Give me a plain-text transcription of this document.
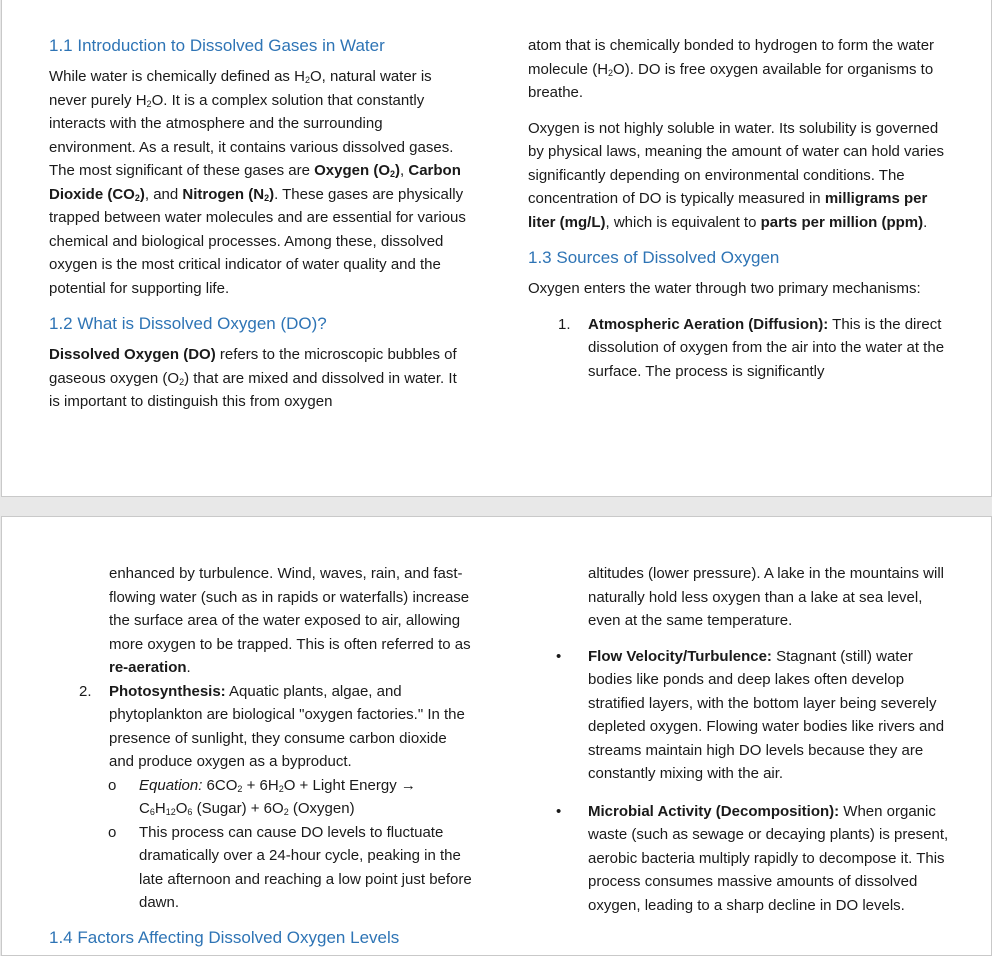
1.1 Introduction to Dissolved Gases in Water

While water is chemically defined as $H_2O$, natural water is never purely $H_2O$. It is a complex solution that constantly interacts with the atmosphere and the surrounding environment. As a result, it contains various dissolved gases. The most significant of these gases are Oxygen $(O_2)$, Carbon Dioxide $(CO_2)$, and Nitrogen $(N_2)$. These gases are physically trapped between water molecules and are essential for various chemical and biological processes. Among these, dissolved oxygen is the most critical indicator of water quality and the potential for supporting life.

1.2 What is Dissolved Oxygen (DO)?

Dissolved Oxygen (DO) refers to the microscopic bubbles of gaseous oxygen $(O_2)$ that are mixed and dissolved in water. It is important to distinguish this from oxygen

atom that is chemically bonded to hydrogen to form the water molecule $(H_2O)$. DO is free oxygen available for organisms to breathe.

Oxygen is not highly soluble in water. Its solubility is governed by physical laws, meaning the amount of water can hold varies significantly depending on environmental conditions. The concentration of DO is typically measured in milligrams per liter (mg/L), which is equivalent to parts per million (ppm).

1.3 Sources of Dissolved Oxygen

Oxygen enters the water through two primary mechanisms:

1. Atmospheric Aeration (Diffusion): This is the direct dissolution of oxygen from the air into the water at the surface. The process is significantly
enhanced by turbulence. Wind, waves, rain, and fast-flowing water (such as in rapids or waterfalls) increase the surface area of the water exposed to air, allowing more oxygen to be trapped. This is often referred to as re-aeration.
2. Photosynthesis: Aquatic plants, algae, and phytoplankton are biological "oxygen factories." In the presence of sunlight, they consume carbon dioxide and produce oxygen as a byproduct.
o Equation: $6CO_2 + 6H_2O$ + Light Energy →
$C_6H_{12}O_6$ (Sugar) + $6O_2$ (Oxygen)
o This process can cause DO levels to fluctuate dramatically over a 24-hour cycle, peaking in the late afternoon and reaching a low point just before dawn.
1.4 Factors Affecting Dissolved Oxygen Levels

altitudes (lower pressure). A lake in the mountains will naturally hold less oxygen than a lake at sea level, even at the same temperature.

• Flow Velocity/Turbulence: Stagnant (still) water bodies like ponds and deep lakes often develop stratified layers, with the bottom layer being severely depleted oxygen. Flowing water bodies like rivers and streams maintain high DO levels because they are constantly mixing with the air.
• Microbial Activity (Decomposition): When organic waste (such as sewage or decaying plants) is present, aerobic bacteria multiply rapidly to decompose it. This process consumes massive amounts of dissolved oxygen, leading to a sharp decline in DO levels.
